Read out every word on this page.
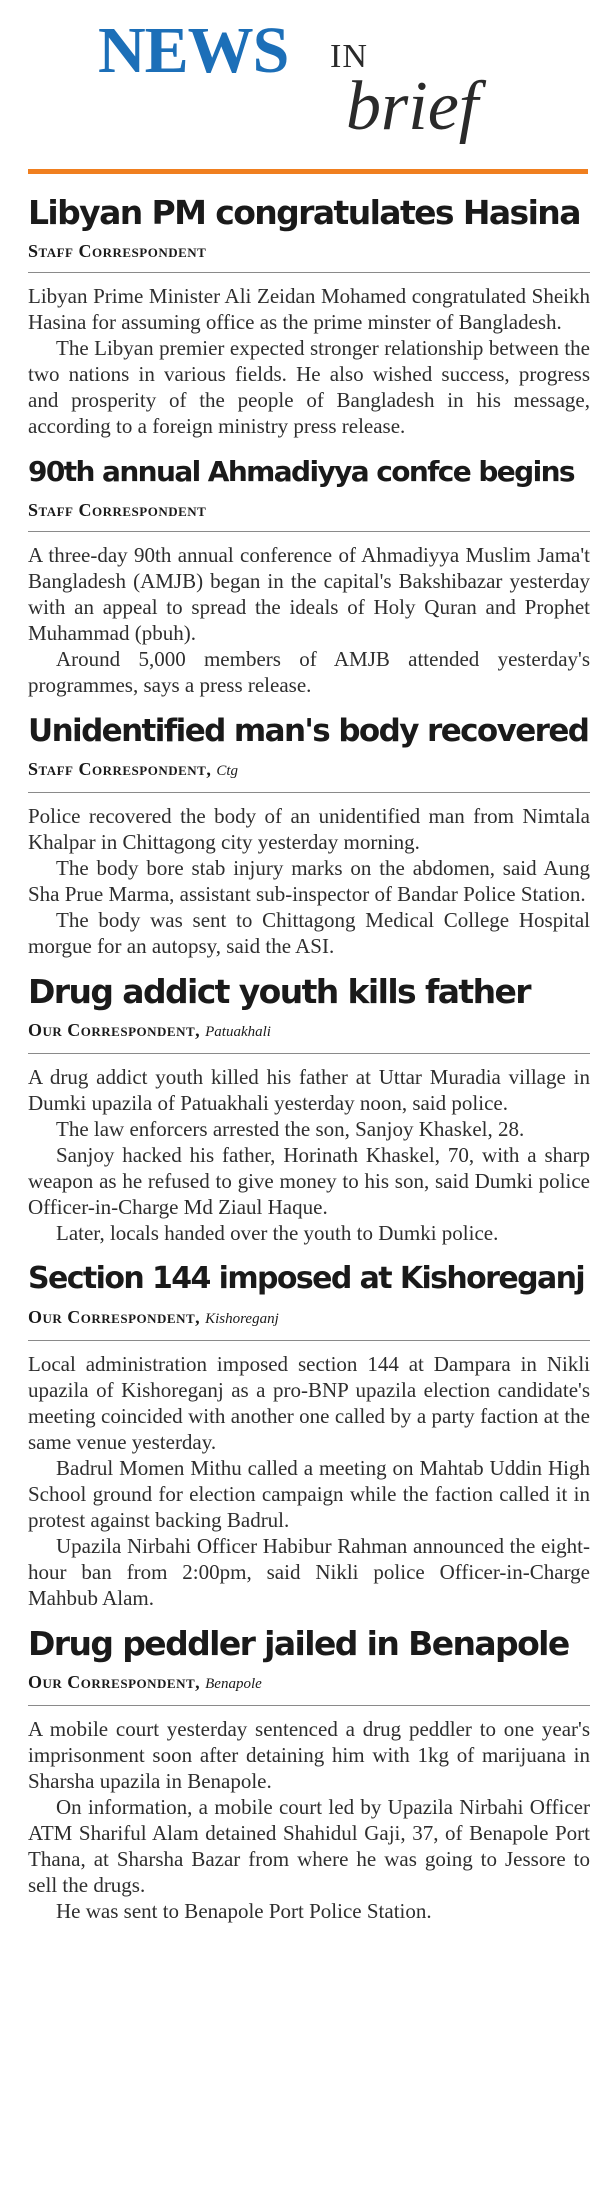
NEWS IN
brief
Libyan PM congratulates Hasina
Staff Correspondent

Libyan Prime Minister Ali Zeidan Mohamed congratulated Sheikh Hasina for assuming office as the prime minster of Bangladesh.

The Libyan premier expected stronger relationship between the two nations in various fields. He also wished success, progress and prosperity of the people of Bangladesh in his message, according to a foreign ministry press release.

90th annual Ahmadiyya confce begins
Staff Correspondent

A three-day 90th annual conference of Ahmadiyya Muslim Jama't Bangladesh (AMJB) began in the capital's Bakshibazar yesterday with an appeal to spread the ideals of Holy Quran and Prophet Muhammad (pbuh).

Around 5,000 members of AMJB attended yesterday's programmes, says a press release.

Unidentified man's body recovered
Staff Correspondent, Ctg

Police recovered the body of an unidentified man from Nimtala Khalpar in Chittagong city yesterday morning.

The body bore stab injury marks on the abdomen, said Aung Sha Prue Marma, assistant sub-inspector of Bandar Police Station.

The body was sent to Chittagong Medical College Hospital morgue for an autopsy, said the ASI.

Drug addict youth kills father
Our Correspondent, Patuakhali

A drug addict youth killed his father at Uttar Muradia village in Dumki upazila of Patuakhali yesterday noon, said police.

The law enforcers arrested the son, Sanjoy Khaskel, 28.

Sanjoy hacked his father, Horinath Khaskel, 70, with a sharp weapon as he refused to give money to his son, said Dumki police Officer-in-Charge Md Ziaul Haque.

Later, locals handed over the youth to Dumki police.

Section 144 imposed at Kishoreganj
Our Correspondent, Kishoreganj

Local administration imposed section 144 at Dampara in Nikli upazila of Kishoreganj as a pro-BNP upazila election candidate's meeting coincided with another one called by a party faction at the same venue yesterday.

Badrul Momen Mithu called a meeting on Mahtab Uddin High School ground for election campaign while the faction called it in protest against backing Badrul.

Upazila Nirbahi Officer Habibur Rahman announced the eight-hour ban from 2:00pm, said Nikli police Officer-in-Charge Mahbub Alam.

Drug peddler jailed in Benapole
Our Correspondent, Benapole

A mobile court yesterday sentenced a drug peddler to one year's imprisonment soon after detaining him with 1kg of marijuana in Sharsha upazila in Benapole.

On information, a mobile court led by Upazila Nirbahi Officer ATM Shariful Alam detained Shahidul Gaji, 37, of Benapole Port Thana, at Sharsha Bazar from where he was going to Jessore to sell the drugs.

He was sent to Benapole Port Police Station.
